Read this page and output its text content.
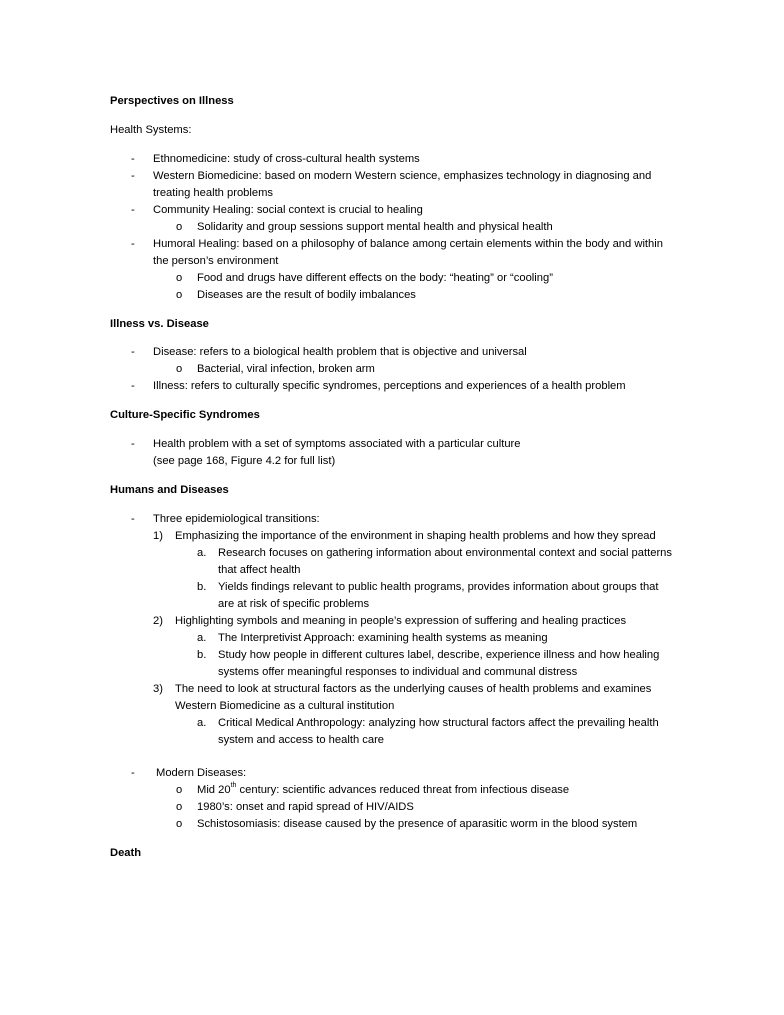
Perspectives on Illness
Health Systems:
- Ethnomedicine: study of cross-cultural health systems
- Western Biomedicine: based on modern Western science, emphasizes technology in diagnosing and
treating health problems
- Community Healing: social context is crucial to healing
o Solidarity and group sessions support mental health and physical health
- Humoral Healing: based on a philosophy of balance among certain elements within the body and within
the person’s environment
o Food and drugs have different effects on the body: “heating” or “cooling”
o Diseases are the result of bodily imbalances
Illness vs. Disease
- Disease: refers to a biological health problem that is objective and universal
o Bacterial, viral infection, broken arm
- Illness: refers to culturally specific syndromes, perceptions and experiences of a health problem
Culture-Specific Syndromes
- Health problem with a set of symptoms associated with a particular culture
(see page 168, Figure 4.2 for full list)
Humans and Diseases
- Three epidemiological transitions:
1) Emphasizing the importance of the environment in shaping health problems and how they spread
a. Research focuses on gathering information about environmental context and social patterns
that affect health
b. Yields findings relevant to public health programs, provides information about groups that
are at risk of specific problems
2) Highlighting symbols and meaning in people’s expression of suffering and healing practices
a. The Interpretivist Approach: examining health systems as meaning
b. Study how people in different cultures label, describe, experience illness and how healing
systems offer meaningful responses to individual and communal distress
3) The need to look at structural factors as the underlying causes of health problems and examines
Western Biomedicine as a cultural institution
a. Critical Medical Anthropology: analyzing how structural factors affect the prevailing health
system and access to health care
- Modern Diseases:
o Mid 20th century: scientific advances reduced threat from infectious disease
o 1980’s: onset and rapid spread of HIV/AIDS
o Schistosomiasis: disease caused by the presence of aparasitic worm in the blood system
Death
